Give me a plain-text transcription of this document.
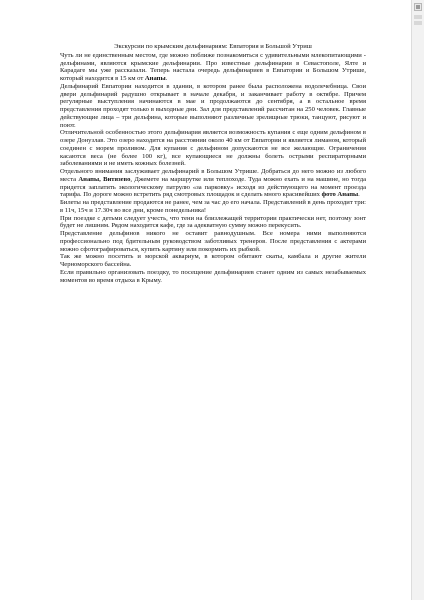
Экскурсии по крымским дельфинариям: Евпатория и Большой Утриш

Чуть ли не единственным местом, где можно поближе познакомиться с удивительными млекопитающими - дельфинами, являются крымские дельфинарии. Про известные дельфинарии в Севастополе, Ялте и Карадаге мы уже рассказали. Теперь настала очередь дельфинариев в Евпатории и Большом Утрише, который находится в 15 км от Анапы.

Дельфинарий Евпатории находится в здании, в котором ранее была расположена водолечебница. Свои двери дельфинарий радушно открывает в начале декабря, и заканчивает работу в октябре. Причем регулярные выступления начинаются в мае и продолжаются до сентября, а в остальное время представления проходят только в выходные дни. Зал для представлений рассчитан на 250 человек. Главные действующие лица – три дельфина, которые выполняют различные зрелищные трюки, танцуют, рисуют и поют.

Отличительной особенностью этого дельфинария является возможность купания с еще одним дельфином в озере Донузлав. Это озеро находится на расстоянии около 40 км от Евпатории и является лиманом, который соединен с морем проливом. Для купания с дельфином допускаются не все желающие. Ограничения касаются веса (не более 100 кг), все купающиеся не должны болеть острыми респираторными заболеваниями и не иметь кожных болезней.

Отдельного внимания заслуживает дельфинарий в Большом Утрише. Добраться до него можно из любого места Анапы, Витязево, Джемете на маршрутке или теплоходе. Туда можно ехать и на машине, но тогда придется заплатить экологическому патрулю «за парковку» исходя из действующего на момент проезда тарифа. По дороге можно встретить ряд смотровых площадок и сделать много красивейших фото Анапы.

Билеты на представление продаются не ранее, чем за час до его начала. Представлений в день проходит три: в 11ч, 15ч и 17.30ч во все дни, кроме понедельника!

При поездке с детьми следует учесть, что тени на близлежащей территории практически нет, поэтому зонт будет не лишним. Рядом находится кафе, где за адекватную сумму можно перекусить.

Представление дельфинов никого не оставит равнодушным. Все номера ними выполняются профессионально под бдительным руководством заботливых тренеров. После представления с актерами можно сфотографироваться, купить картину или покормить их рыбкой.

Так же можно посетить и морской аквариум, в котором обитают скаты, камбала и другие жители Черноморского бассейна.

Если правильно организовать поездку, то посещение дельфинариев станет одним из самых незабываемых моментов во время отдыха в Крыму.
